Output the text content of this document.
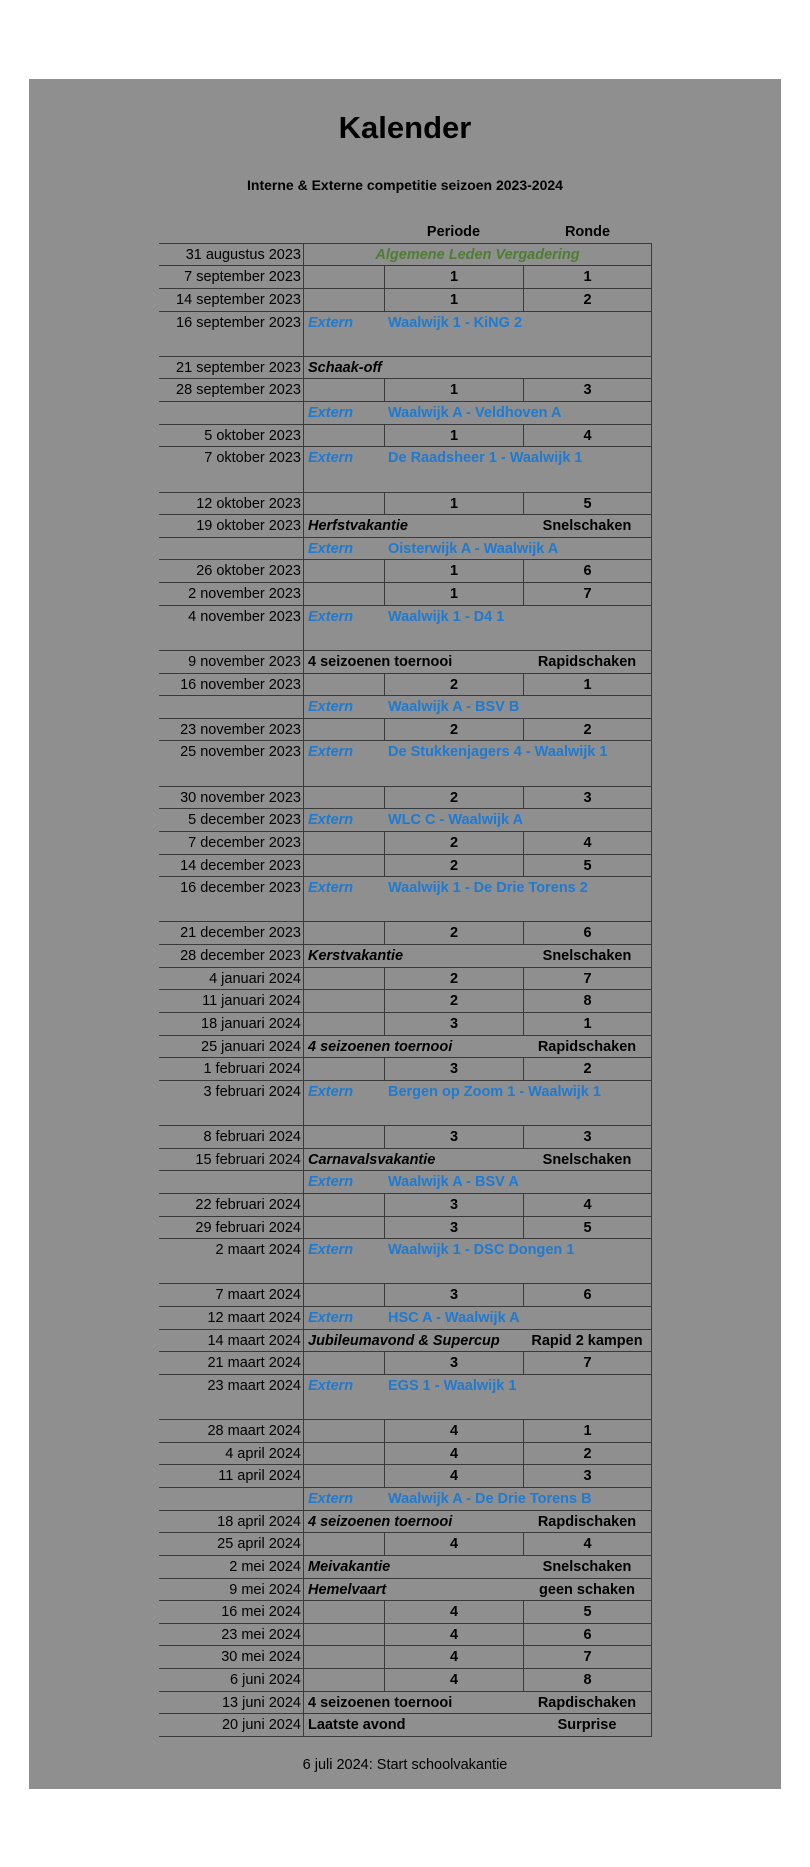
Kalender
Interne & Externe competitie seizoen 2023-2024
Periode	Ronde
31 augustus 2023	Algemene Leden Vergadering
7 september 2023	1	1
14 september 2023	1	2
16 september 2023 Extern	Waalwijk 1 - KiNG 2
21 september 2023 Schaak-off
28 september 2023	1	3
Extern	Waalwijk A - Veldhoven A
5 oktober 2023	1	4
7 oktober 2023 Extern	De Raadsheer 1 - Waalwijk 1
12 oktober 2023	1	5
19 oktober 2023 Herfstvakantie	Snelschaken
Extern	Oisterwijk A - Waalwijk A
26 oktober 2023	1	6
2 november 2023	1	7
4 november 2023 Extern	Waalwijk 1 - D4 1
9 november 2023 4 seizoenen toernooi	Rapidschaken
16 november 2023	2	1
Extern	Waalwijk A - BSV B
23 november 2023	2	2
25 november 2023 Extern	De Stukkenjagers 4 - Waalwijk 1
30 november 2023	2	3
5 december 2023 Extern	WLC C - Waalwijk A
7 december 2023	2	4
14 december 2023	2	5
16 december 2023 Extern	Waalwijk 1 - De Drie Torens 2
21 december 2023	2	6
28 december 2023 Kerstvakantie	Snelschaken
4 januari 2024	2	7
11 januari 2024	2	8
18 januari 2024	3	1
25 januari 2024 4 seizoenen toernooi	Rapidschaken
1 februari 2024	3	2
3 februari 2024 Extern	Bergen op Zoom 1 - Waalwijk 1
8 februari 2024	3	3
15 februari 2024 Carnavalsvakantie	Snelschaken
Extern	Waalwijk A - BSV A
22 februari 2024	3	4
29 februari 2024	3	5
2 maart 2024 Extern	Waalwijk 1 - DSC Dongen 1
7 maart 2024	3	6
12 maart 2024 Extern	HSC A - Waalwijk A
14 maart 2024 Jubileumavond & Supercup	Rapid 2 kampen
21 maart 2024	3	7
23 maart 2024 Extern	EGS 1 - Waalwijk 1
28 maart 2024	4	1
4 april 2024	4	2
11 april 2024	4	3
Extern	Waalwijk A - De Drie Torens B
18 april 2024 4 seizoenen toernooi	Rapdischaken
25 april 2024	4	4
2 mei 2024 Meivakantie	Snelschaken
9 mei 2024 Hemelvaart	geen schaken
16 mei 2024	4	5
23 mei 2024	4	6
30 mei 2024	4	7
6 juni 2024	4	8
13 juni 2024 4 seizoenen toernooi	Rapdischaken
20 juni 2024 Laatste avond	Surprise
6 juli 2024: Start schoolvakantie
